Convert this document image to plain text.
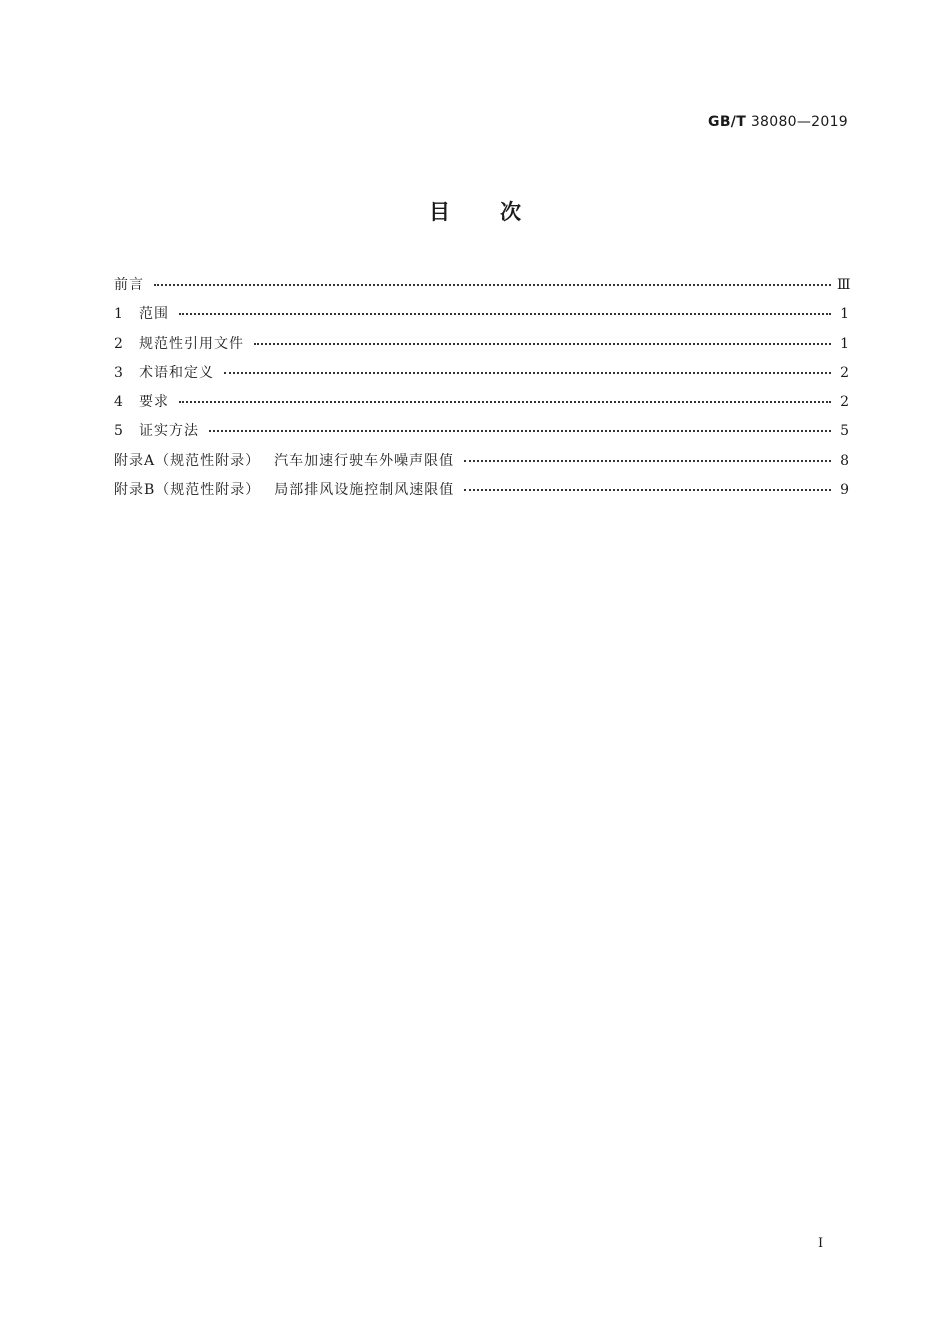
GB/T 38080—2019
目次
前言	Ⅲ
1	范围	1
2	规范性引用文件	1
3	术语和定义	2
4	要求	2
5	证实方法	5
附录A（规范性附录） 汽车加速行驶车外噪声限值	8
附录B（规范性附录） 局部排风设施控制风速限值	9
Ⅰ
